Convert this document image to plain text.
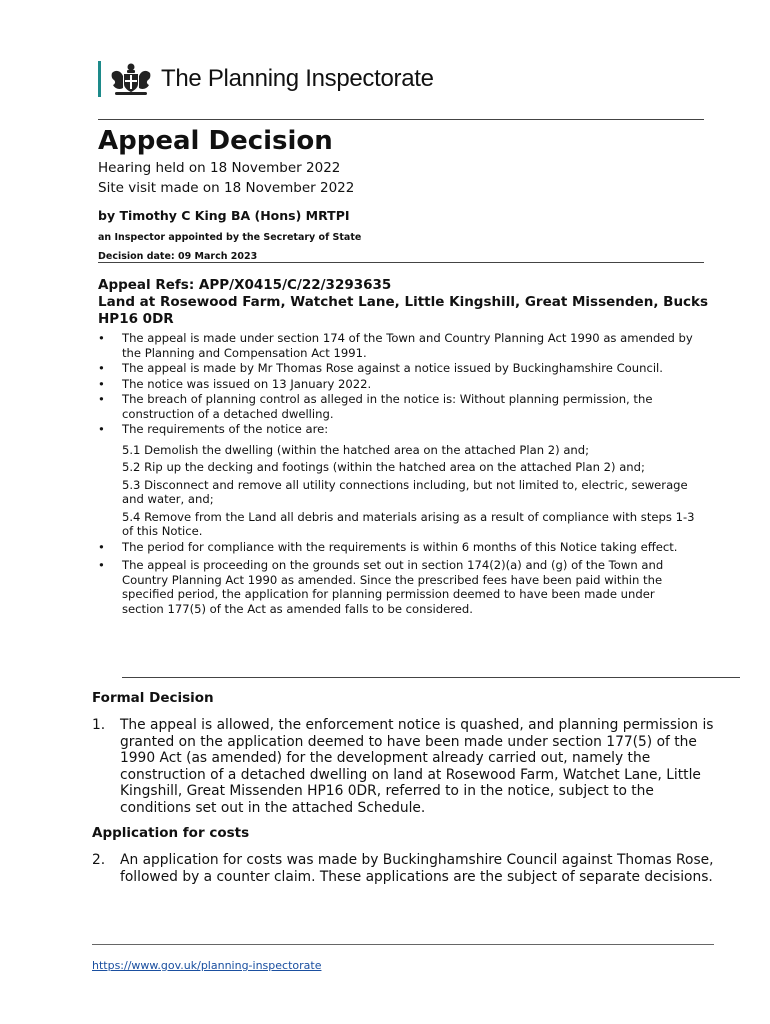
The Planning Inspectorate
Appeal Decision
Hearing held on 18 November 2022
Site visit made on 18 November 2022
by Timothy C King BA (Hons) MRTPI
an Inspector appointed by the Secretary of State
Decision date: 09 March 2023
Appeal Refs: APP/X0415/C/22/3293635
Land at Rosewood Farm, Watchet Lane, Little Kingshill, Great Missenden, Bucks HP16 0DR
• The appeal is made under section 174 of the Town and Country Planning Act 1990 as amended by the Planning and Compensation Act 1991.
• The appeal is made by Mr Thomas Rose against a notice issued by Buckinghamshire Council.
• The notice was issued on 13 January 2022.
• The breach of planning control as alleged in the notice is: Without planning permission, the construction of a detached dwelling.
• The requirements of the notice are:
5.1 Demolish the dwelling (within the hatched area on the attached Plan 2) and;
5.2 Rip up the decking and footings (within the hatched area on the attached Plan 2) and;
5.3 Disconnect and remove all utility connections including, but not limited to, electric, sewerage and water, and;
5.4 Remove from the Land all debris and materials arising as a result of compliance with steps 1-3 of this Notice.
• The period for compliance with the requirements is within 6 months of this Notice taking effect.
• The appeal is proceeding on the grounds set out in section 174(2)(a) and (g) of the Town and Country Planning Act 1990 as amended. Since the prescribed fees have been paid within the specified period, the application for planning permission deemed to have been made under section 177(5) of the Act as amended falls to be considered.
Formal Decision
1. The appeal is allowed, the enforcement notice is quashed, and planning permission is granted on the application deemed to have been made under section 177(5) of the 1990 Act (as amended) for the development already carried out, namely the construction of a detached dwelling on land at Rosewood Farm, Watchet Lane, Little Kingshill, Great Missenden HP16 0DR, referred to in the notice, subject to the conditions set out in the attached Schedule.
Application for costs
2. An application for costs was made by Buckinghamshire Council against Thomas Rose, followed by a counter claim. These applications are the subject of separate decisions.
https://www.gov.uk/planning-inspectorate
